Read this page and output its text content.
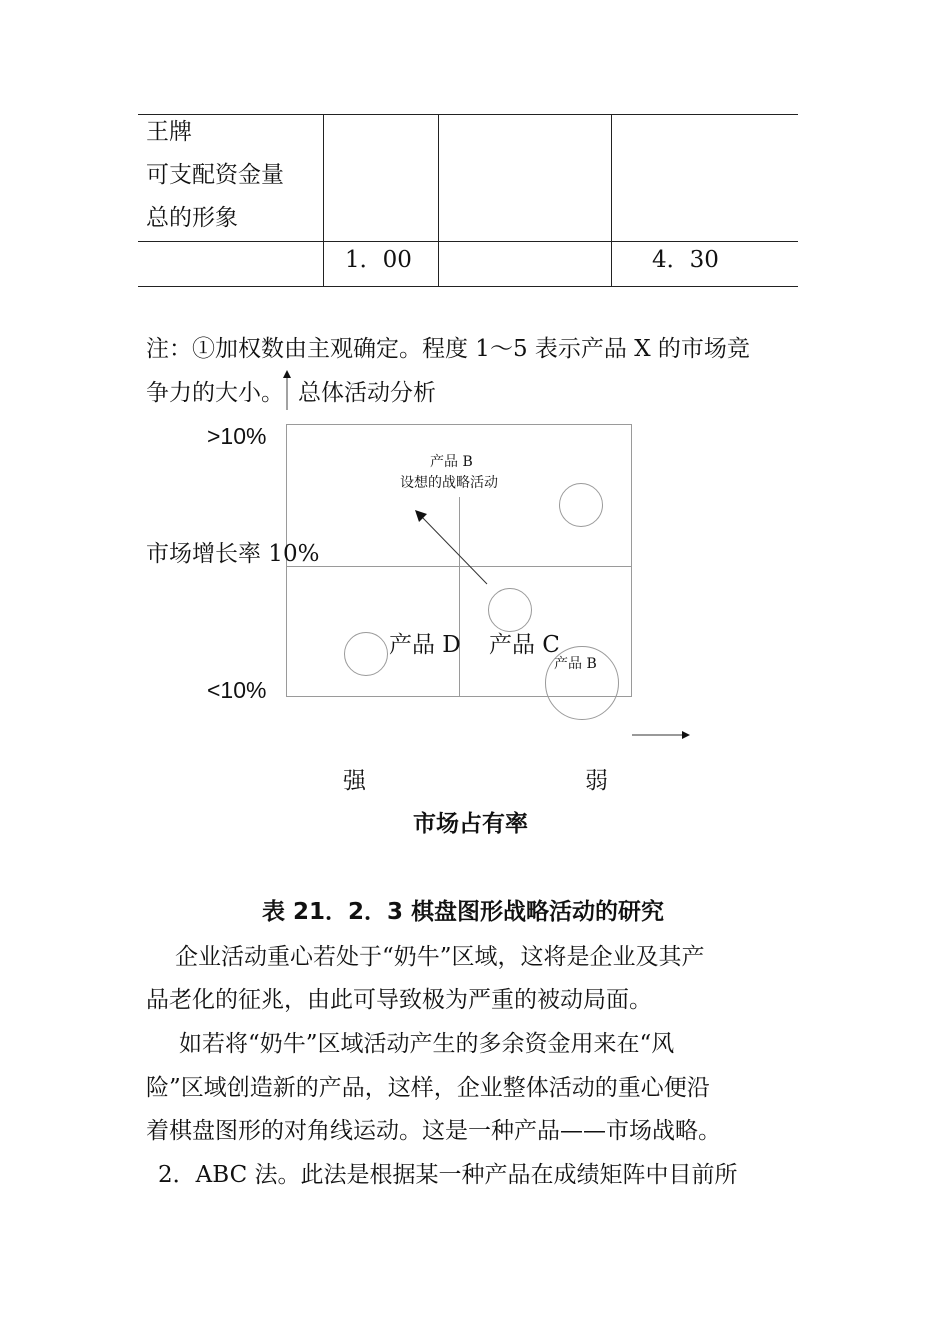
王牌
可支配资金量
总的形象
1．00	4．30
注：①加权数由主观确定。程度 1～5 表示产品 X 的市场竞
争力的大小。 总体活动分析
>10%
市场增长率 10%
<10%
产品 B
设想的战略活动
产品 D 产品 C
产品 B
强	弱
市场占有率
表 21．2．3 棋盘图形战略活动的研究
企业活动重心若处于“奶牛”区域，这将是企业及其产
品老化的征兆，由此可导致极为严重的被动局面。
如若将“奶牛”区域活动产生的多余资金用来在“风
险”区域创造新的产品，这样，企业整体活动的重心便沿
着棋盘图形的对角线运动。这是一种产品——市场战略。
2．ABC 法。此法是根据某一种产品在成绩矩阵中目前所
